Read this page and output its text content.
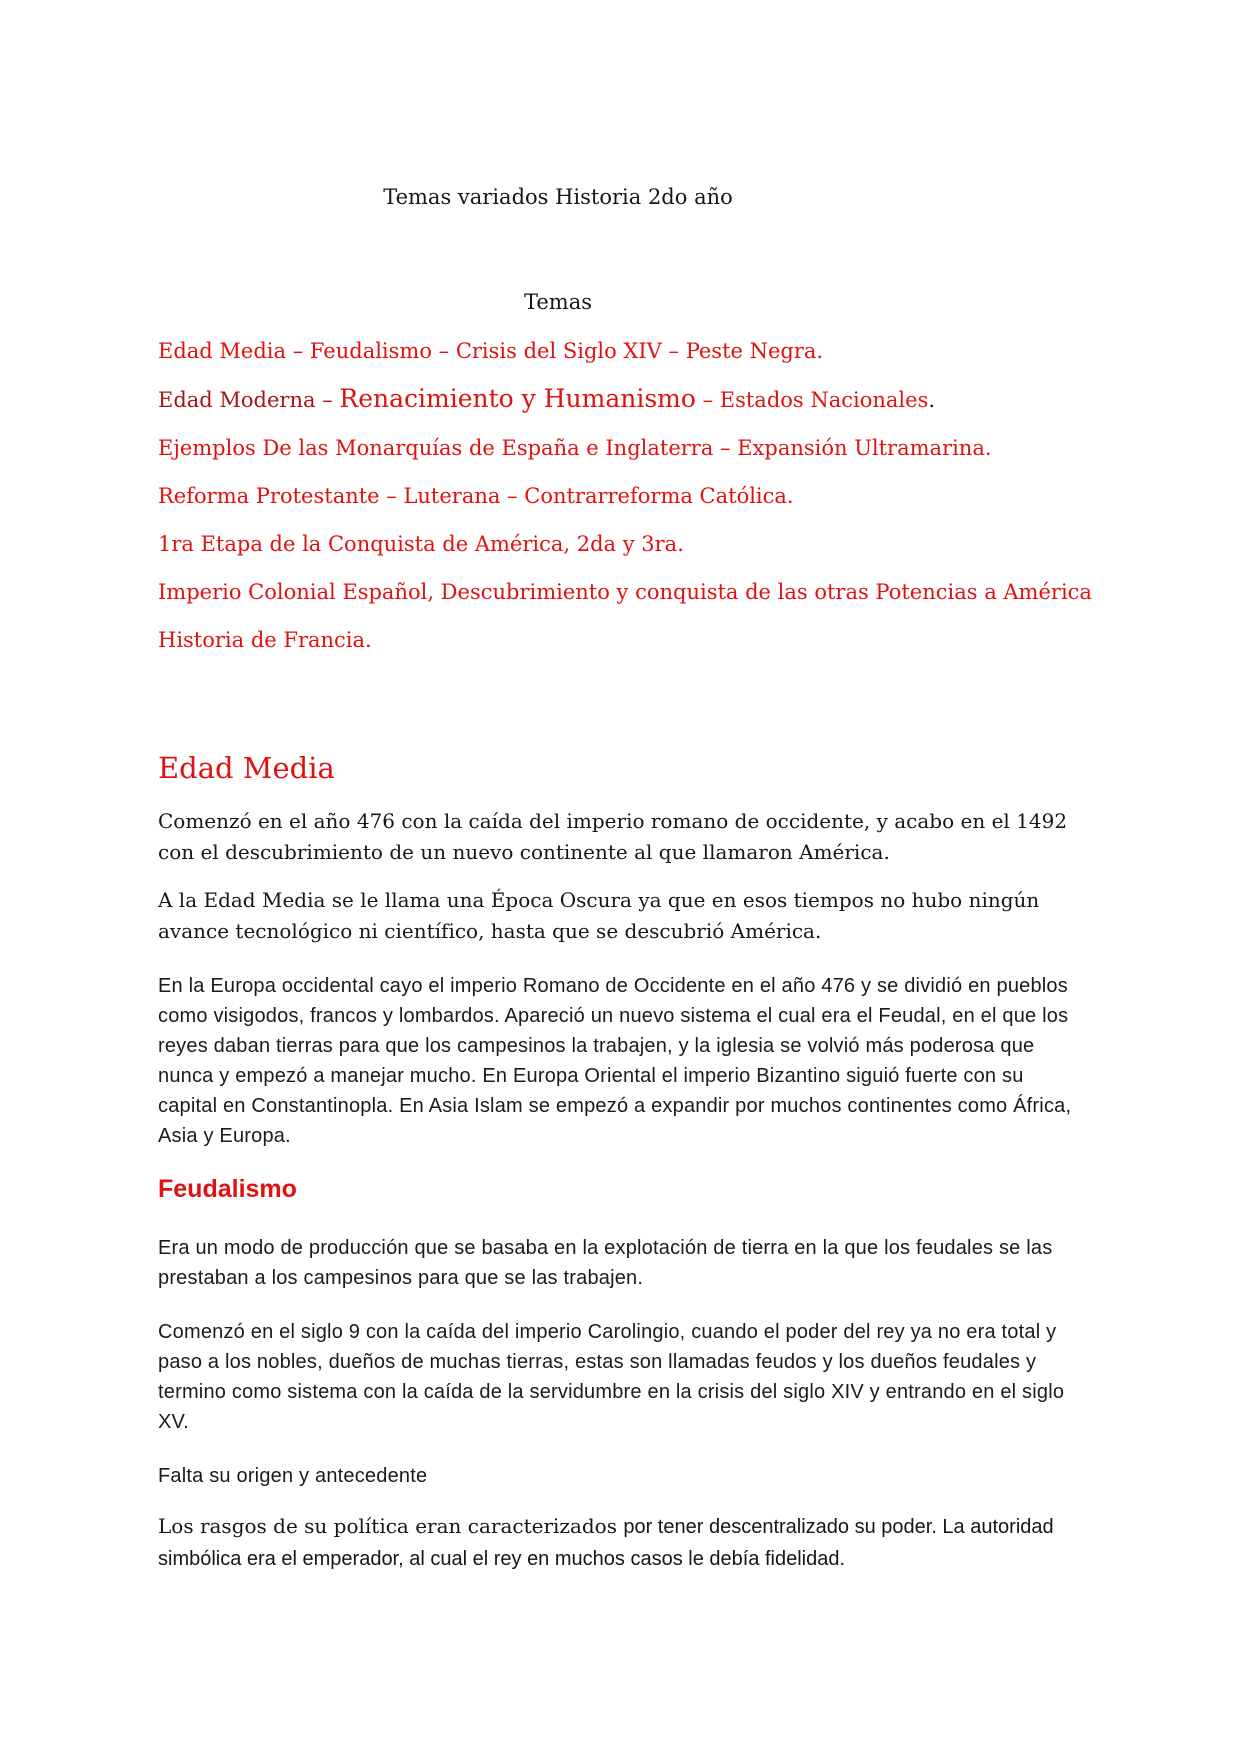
Temas variados Historia 2do año
Temas

Edad Media – Feudalismo – Crisis del Siglo XIV – Peste Negra.

Edad Moderna – Renacimiento y Humanismo – Estados Nacionales.

Ejemplos De las Monarquías de España e Inglaterra – Expansión Ultramarina.

Reforma Protestante – Luterana – Contrarreforma Católica.

1ra Etapa de la Conquista de América, 2da y 3ra.

Imperio Colonial Español, Descubrimiento y conquista de las otras Potencias a América

Historia de Francia.

Edad Media

Comenzó en el año 476 con la caída del imperio romano de occidente, y acabo en el 1492 con el descubrimiento de un nuevo continente al que llamaron América.

A la Edad Media se le llama una Época Oscura ya que en esos tiempos no hubo ningún avance tecnológico ni científico, hasta que se descubrió América.

En la Europa occidental cayo el imperio Romano de Occidente en el año 476 y se dividió en pueblos como visigodos, francos y lombardos. Apareció un nuevo sistema el cual era el Feudal, en el que los reyes daban tierras para que los campesinos la trabajen, y la iglesia se volvió más poderosa que nunca y empezó a manejar mucho. En Europa Oriental el imperio Bizantino siguió fuerte con su capital en Constantinopla. En Asia Islam se empezó a expandir por muchos continentes como África, Asia y Europa.

Feudalismo

Era un modo de producción que se basaba en la explotación de tierra en la que los feudales se las prestaban a los campesinos para que se las trabajen.

Comenzó en el siglo 9 con la caída del imperio Carolingio, cuando el poder del rey ya no era total y paso a los nobles, dueños de muchas tierras, estas son llamadas feudos y los dueños feudales y termino como sistema con la caída de la servidumbre en la crisis del siglo XIV y entrando en el siglo XV.

Falta su origen y antecedente

Los rasgos de su política eran caracterizados por tener descentralizado su poder. La autoridad simbólica era el emperador, al cual el rey en muchos casos le debía fidelidad.
